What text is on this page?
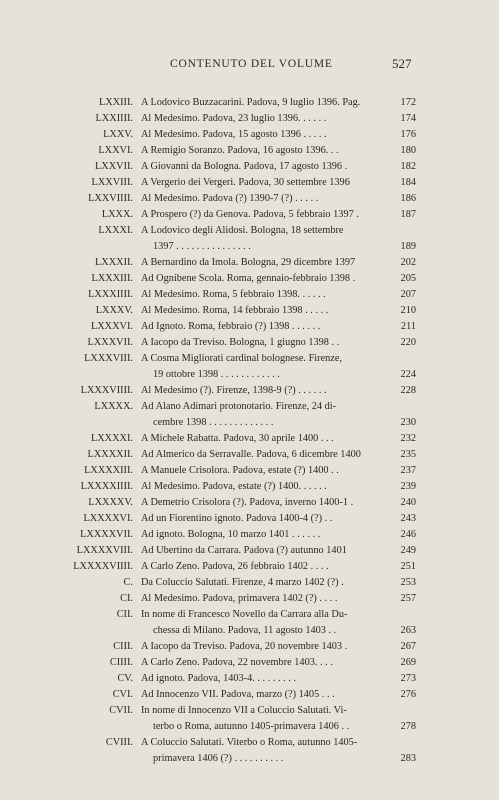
CONTENUTO DEL VOLUME	527
LXXIII. A Lodovico Buzzacarini. Padova, 9 luglio 1396. Pag.	172
LXXIIII. Al Medesimo. Padova, 23 luglio 1396. . . . . .	174
LXXV. Al Medesimo. Padova, 15 agosto 1396 . . . . .	176
LXXVI. A Remigio Soranzo. Padova, 16 agosto 1396. . .	180
LXXVII. A Giovanni da Bologna. Padova, 17 agosto 1396 .	182
LXXVIII. A Vergerio dei Vergeri. Padova, 30 settembre 1396	184
LXXVIIII. Al Medesimo. Padova (?) 1390-7 (?) . . . . .	186
LXXX. A Prospero (?) da Genova. Padova, 5 febbraio 1397 .	187
LXXXI. A Lodovico degli Alidosi. Bologna, 18 settembre
1397 . . . . . . . . . . . . . . .	189
LXXXII. A Bernardino da Imola. Bologna, 29 dicembre 1397	202
LXXXIII. Ad Ognibene Scola. Roma, gennaio-febbraio 1398 .	205
LXXXIIII. Al Medesimo. Roma, 5 febbraio 1398. . . . . .	207
LXXXV. Al Medesimo. Roma, 14 febbraio 1398 . . . . .	210
LXXXVI. Ad Ignoto. Roma, febbraio (?) 1398 . . . . . .	211
LXXXVII. A Iacopo da Treviso. Bologna, 1 giugno 1398 . .	220
LXXXVIII. A Cosma Migliorati cardinal bolognese. Firenze,
19 ottobre 1398 . . . . . . . . . . . .	224
LXXXVIIII. Al Medesimo (?). Firenze, 1398-9 (?) . . . . . .	228
LXXXX. Ad Alano Adimari protonotario. Firenze, 24 di-
cembre 1398 . . . . . . . . . . . . .	230
LXXXXI. A Michele Rabatta. Padova, 30 aprile 1400 . . .	232
LXXXXII. Ad Almerico da Serravalle. Padova, 6 dicembre 1400	235
LXXXXIII. A Manuele Crisolora. Padova, estate (?) 1400 . .	237
LXXXXIIII. Al Medesimo. Padova, estate (?) 1400. . . . . .	239
LXXXXV. A Demetrio Crisolora (?). Padova, inverno 1400-1 .	240
LXXXXVI. Ad un Fiorentino ignoto. Padova 1400-4 (?) . .	243
LXXXXVII. Ad ignoto. Bologna, 10 marzo 1401 . . . . . .	246
LXXXXVIII. Ad Ubertino da Carrara. Padova (?) autunno 1401	249
LXXXXVIIII. A Carlo Zeno. Padova, 26 febbraio 1402 . . . .	251
C. Da Coluccio Salutati. Firenze, 4 marzo 1402 (?) .	253
CI. Al Medesimo. Padova, primavera 1402 (?) . . . .	257
CII. In nome di Francesco Novello da Carrara alla Du-
chessa di Milano. Padova, 11 agosto 1403 . .	263
CIII. A Iacopo da Treviso. Padova, 20 novembre 1403 .	267
CIIII. A Carlo Zeno. Padova, 22 novembre 1403. . . .	269
CV. Ad ignoto. Padova, 1403-4. . . . . . . . .	273
CVI. Ad Innocenzo VII. Padova, marzo (?) 1405 . . .	276
CVII. In nome di Innocenzo VII a Coluccio Salutati. Vi-
terbo o Roma, autunno 1405-primavera 1406 . .	278
CVIII. A Coluccio Salutati. Viterbo o Roma, autunno 1405-
primavera 1406 (?) . . . . . . . . . .	283
